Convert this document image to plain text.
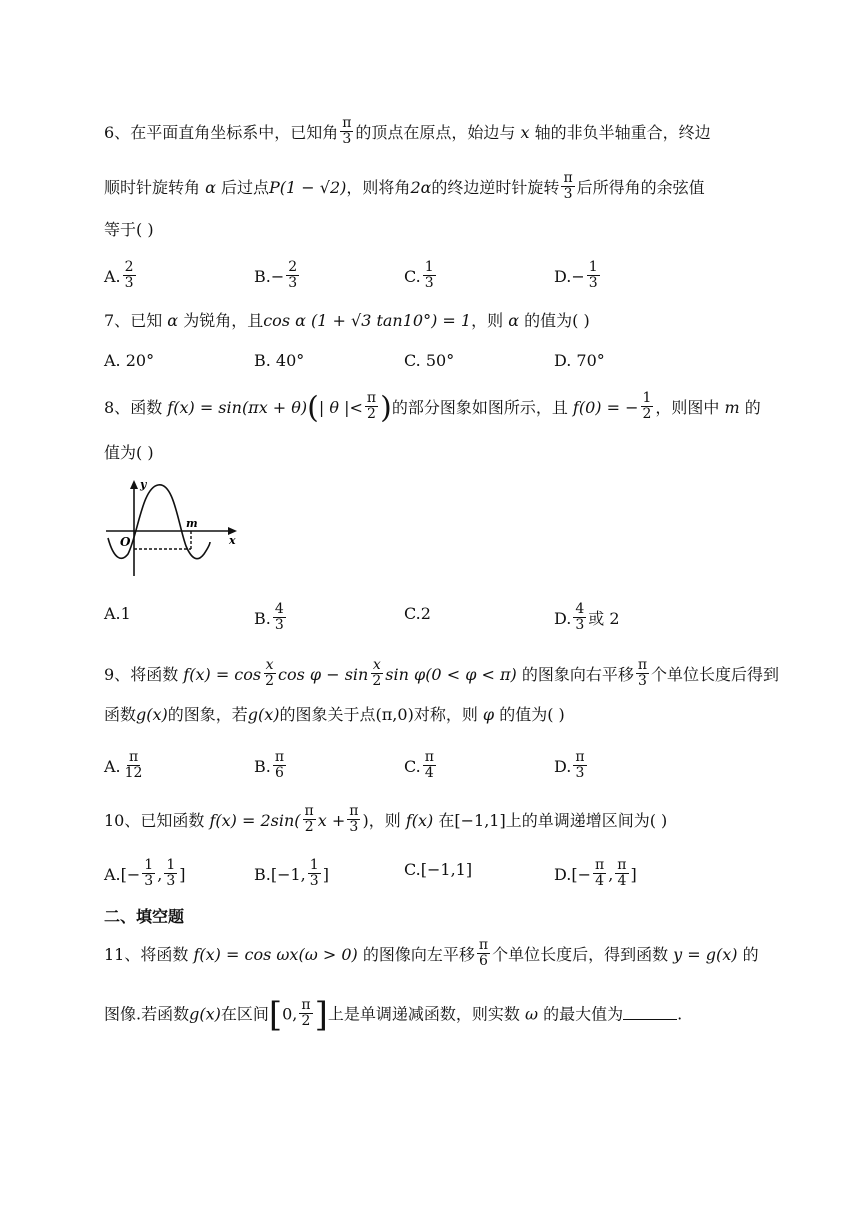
6、在平面直角坐标系中，已知角 $\frac{\pi}{3}$ 的顶点在原点，始边与 x 轴的非负半轴重合，终边
顺时针旋转角 α 后过点P(1 − √2)，则将角2α的终边逆时针旋转 $\frac{\pi}{3}$ 后所得角的余弦值
等于( )
A. $\frac{2}{3}$	$B.- \frac{2}{3}$	C. $\frac{1}{3}$	$D.- \frac{1}{3}$
7、已知 α 为锐角，且cos α (1 + √3 tan10°) = 1，则 α 的值为( )
A. 20°	B. 40°	C. 50°	D. 70°
8、函数 f(x) = sin(πx + θ)(| θ |< $\frac{\pi}{2}$ )的部分图象如图所示，且 f(0) = − $\frac{1}{2}$ ，则图中 m 的
值为( )
y
x
O
m
A.1	B. $\frac{4}{3}$	C.2	D. $\frac{4}{3}$ 或 2
9、将函数 $f(x) = \cos \frac{x}{2}$ $\cos \varphi - \sin \frac{x}{2}$ sin φ(0 < φ < π) 的图象向右平移 $\frac{\pi}{3}$ 个单位长度后得到
函数g(x)的图象，若g(x)的图象关于点(π,0)对称，则 φ 的值为( )
A. $\frac{\pi}{12}$	B. $\frac{\pi}{6}$	C. $\frac{\pi}{4}$	D. $\frac{\pi}{3}$
10、已知函数 $f(x) = 2\sin( \frac{\pi}{2}$ $x + \frac{\pi}{3}$ )，则 f(x) 在[−1,1]上的单调递增区间为( )
$A.[- \frac{1}{3}$ , $\frac{1}{3}$ ]	B.[−1, $\frac{1}{3}$ ]	C.[−1,1]	$D.[- \frac{\pi}{4}$ , $\frac{\pi}{4}$ ]
二、填空题
11、将函数 f(x) = cos ωx(ω > 0) 的图像向左平移 $\frac{\pi}{6}$ 个单位长度后，得到函数 y = g(x) 的
图像.若函数g(x)在区间[0, $\frac{\pi}{2}$ ]上是单调递减函数，则实数 ω 的最大值为	.
